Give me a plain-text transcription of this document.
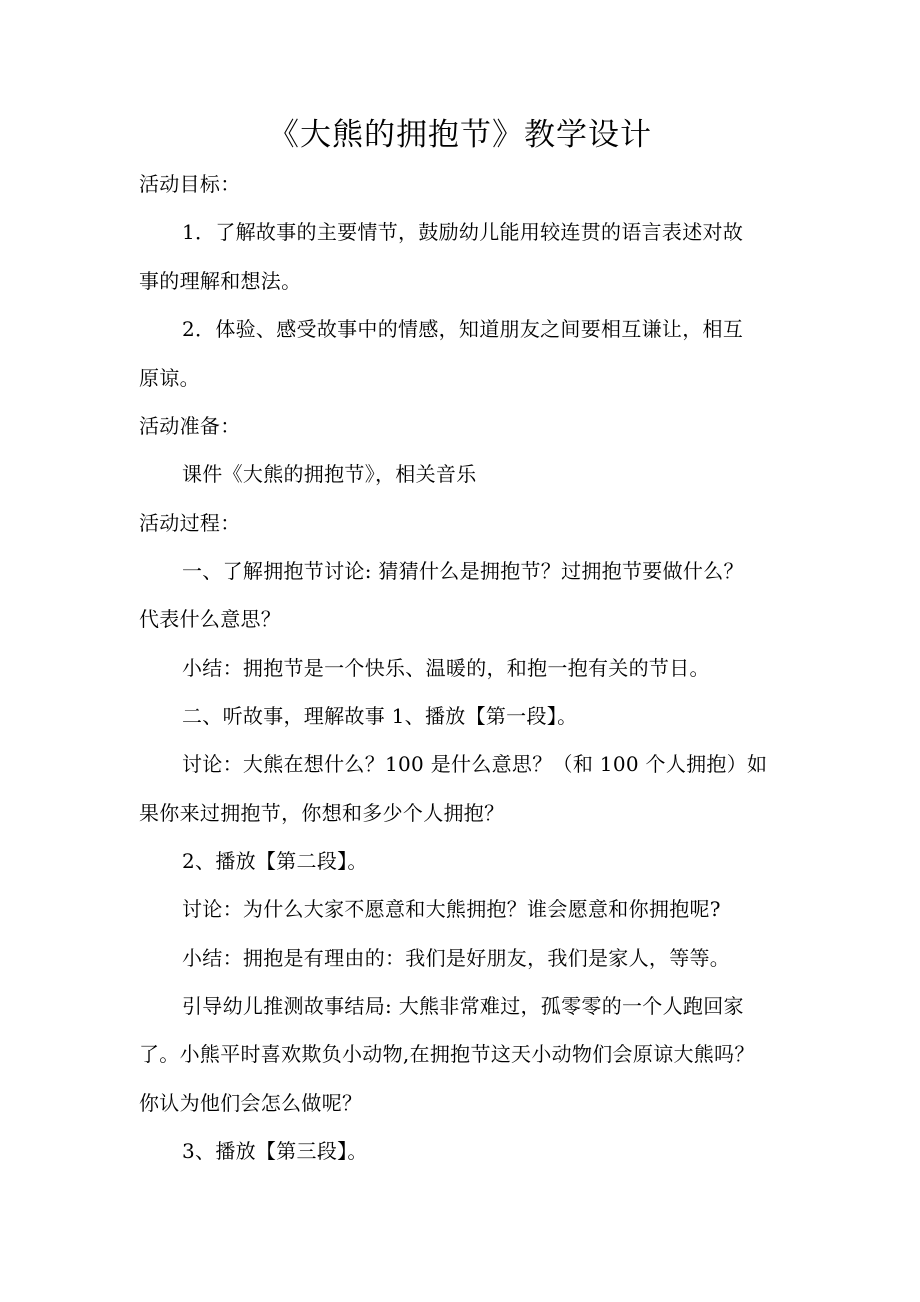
《大熊的拥抱节》教学设计
活动目标：
1．了解故事的主要情节，鼓励幼儿能用较连贯的语言表述对故
事的理解和想法。
2．体验、感受故事中的情感，知道朋友之间要相互谦让，相互
原谅。
活动准备：
课件《大熊的拥抱节》，相关音乐
活动过程：
一、了解拥抱节讨论: 猜猜什么是拥抱节？过拥抱节要做什么？
代表什么意思？
小结：拥抱节是一个快乐、温暖的，和抱一抱有关的节日。
二、听故事，理解故事 1、播放【第一段】。
讨论：大熊在想什么？100 是什么意思？（和 100 个人拥抱）如
果你来过拥抱节，你想和多少个人拥抱？
2、播放【第二段】。
讨论：为什么大家不愿意和大熊拥抱？谁会愿意和你拥抱呢?
小结：拥抱是有理由的：我们是好朋友，我们是家人，等等。
引导幼儿推测故事结局: 大熊非常难过，孤零零的一个人跑回家
了。小熊平时喜欢欺负小动物,在拥抱节这天小动物们会原谅大熊吗？
你认为他们会怎么做呢？
3、播放【第三段】。
